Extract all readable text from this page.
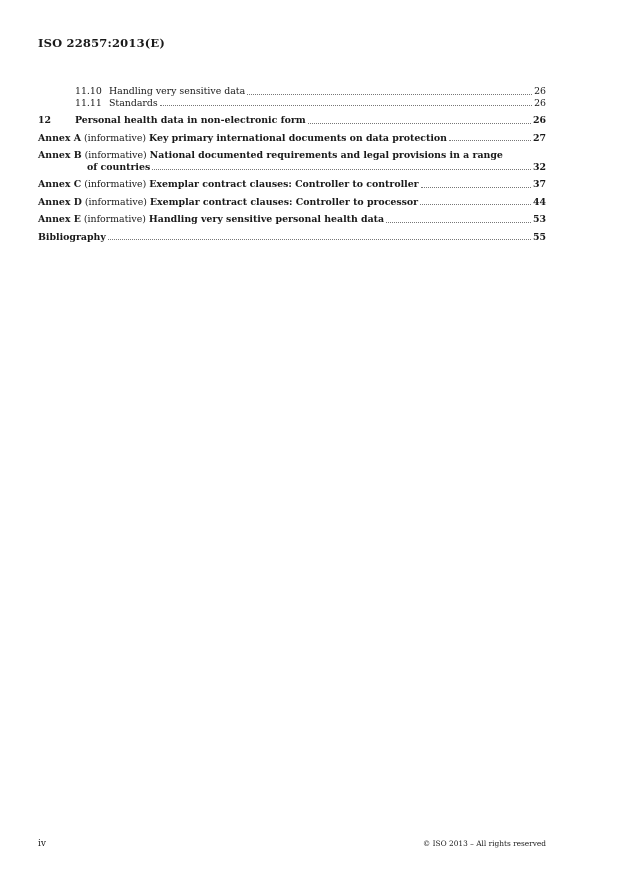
ISO 22857:2013(E)
11.10 Handling very sensitive data	26
11.11 Standards	26
12	Personal health data in non-electronic form	26
Annex A (informative) Key primary international documents on data protection	27
Annex B (informative) National documented requirements and legal provisions in a range
of countries	32
Annex C (informative) Exemplar contract clauses: Controller to controller	37
Annex D (informative) Exemplar contract clauses: Controller to processor	44
Annex E (informative) Handling very sensitive personal health data	53
Bibliography	55
iv	© ISO 2013 – All rights reserved
